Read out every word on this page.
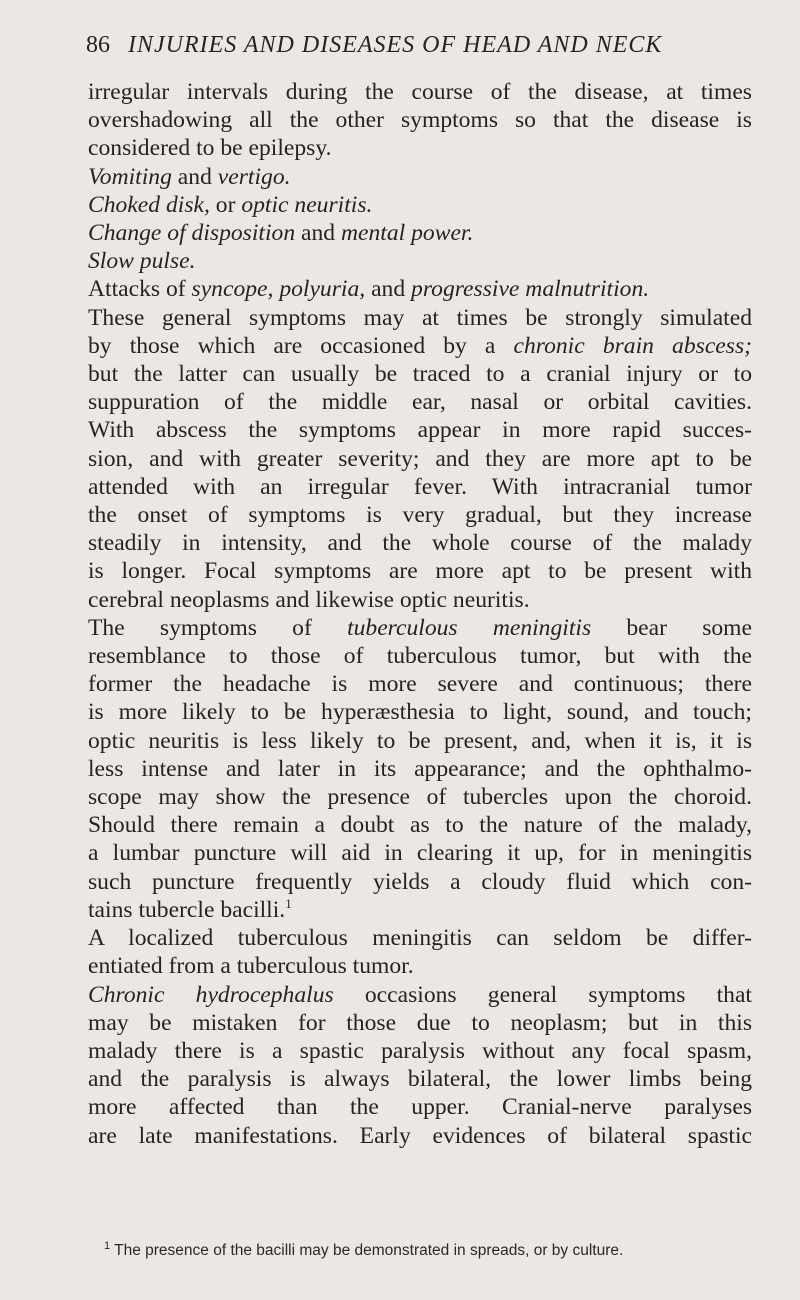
86 INJURIES AND DISEASES OF HEAD AND NECK
irregular intervals during the course of the disease, at times
overshadowing all the other symptoms so that the disease is
considered to be epilepsy.
Vomiting and vertigo.
Choked disk, or optic neuritis.
Change of disposition and mental power.
Slow pulse.
Attacks of syncope, polyuria, and progressive malnutrition.
These general symptoms may at times be strongly simulated
by those which are occasioned by a chronic brain abscess;
but the latter can usually be traced to a cranial injury or to
suppuration of the middle ear, nasal or orbital cavities.
With abscess the symptoms appear in more rapid succes-
sion, and with greater severity; and they are more apt to be
attended with an irregular fever. With intracranial tumor
the onset of symptoms is very gradual, but they increase
steadily in intensity, and the whole course of the malady
is longer. Focal symptoms are more apt to be present with
cerebral neoplasms and likewise optic neuritis.
The symptoms of tuberculous meningitis bear some
resemblance to those of tuberculous tumor, but with the
former the headache is more severe and continuous; there
is more likely to be hyperæsthesia to light, sound, and touch;
optic neuritis is less likely to be present, and, when it is, it is
less intense and later in its appearance; and the ophthalmo-
scope may show the presence of tubercles upon the choroid.
Should there remain a doubt as to the nature of the malady,
a lumbar puncture will aid in clearing it up, for in meningitis
such puncture frequently yields a cloudy fluid which con-
tains tubercle bacilli.$^1$
A localized tuberculous meningitis can seldom be differ-
entiated from a tuberculous tumor.
Chronic hydrocephalus occasions general symptoms that
may be mistaken for those due to neoplasm; but in this
malady there is a spastic paralysis without any focal spasm,
and the paralysis is always bilateral, the lower limbs being
more affected than the upper. Cranial-nerve paralyses
are late manifestations. Early evidences of bilateral spastic
$^1$ The presence of the bacilli may be demonstrated in spreads, or by culture.
